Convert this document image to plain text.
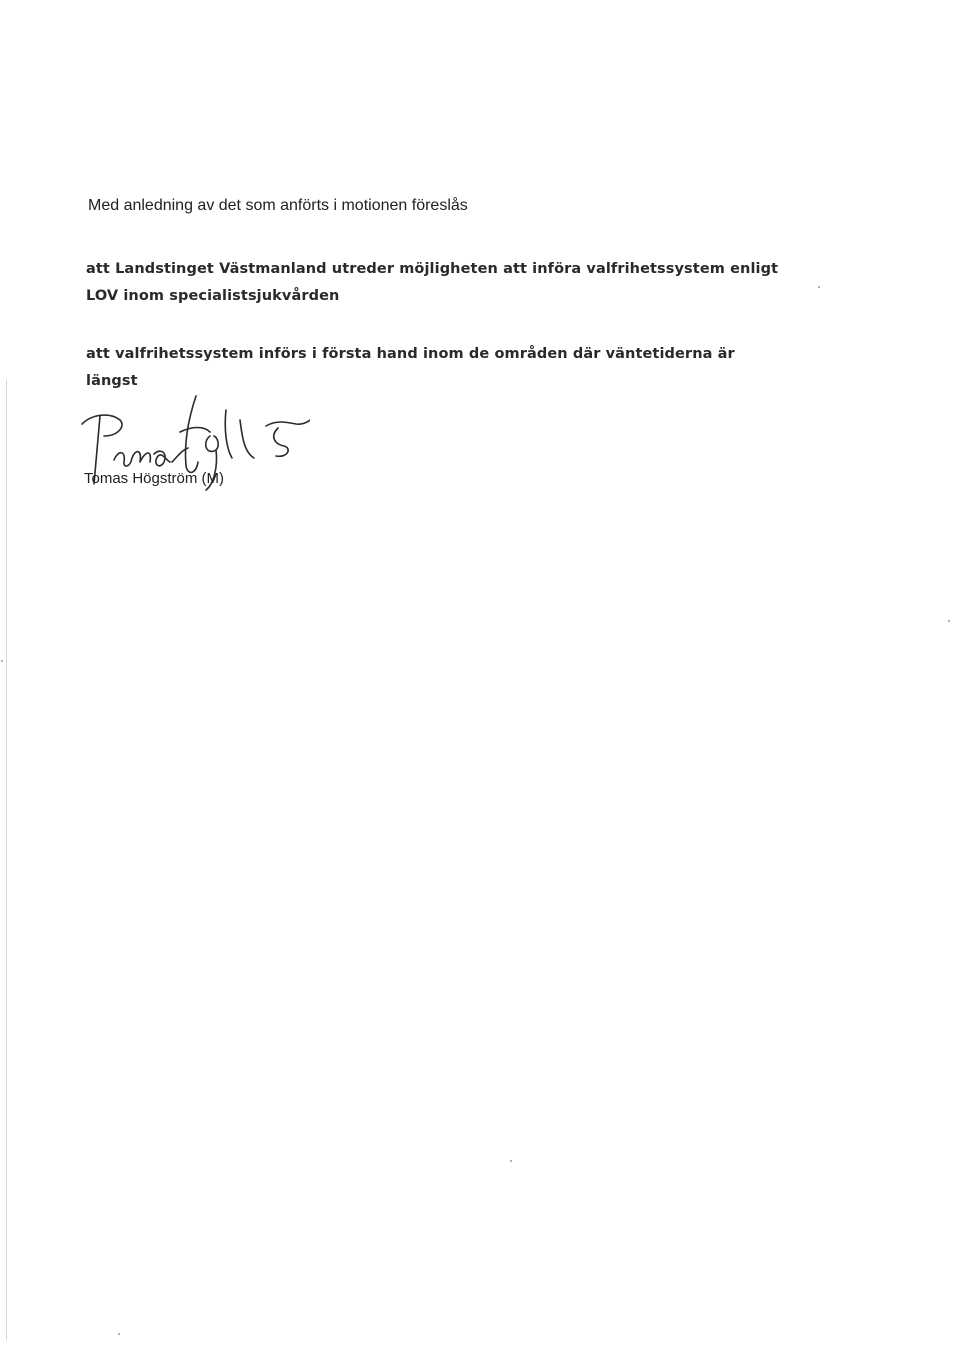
Med anledning av det som anförts i motionen föreslås
att Landstinget Västmanland utreder möjligheten att införa valfrihetssystem enligt
LOV inom specialistsjukvården
att valfrihetssystem införs i första hand inom de områden där väntetiderna är
längst
Tomas Högström (M)
